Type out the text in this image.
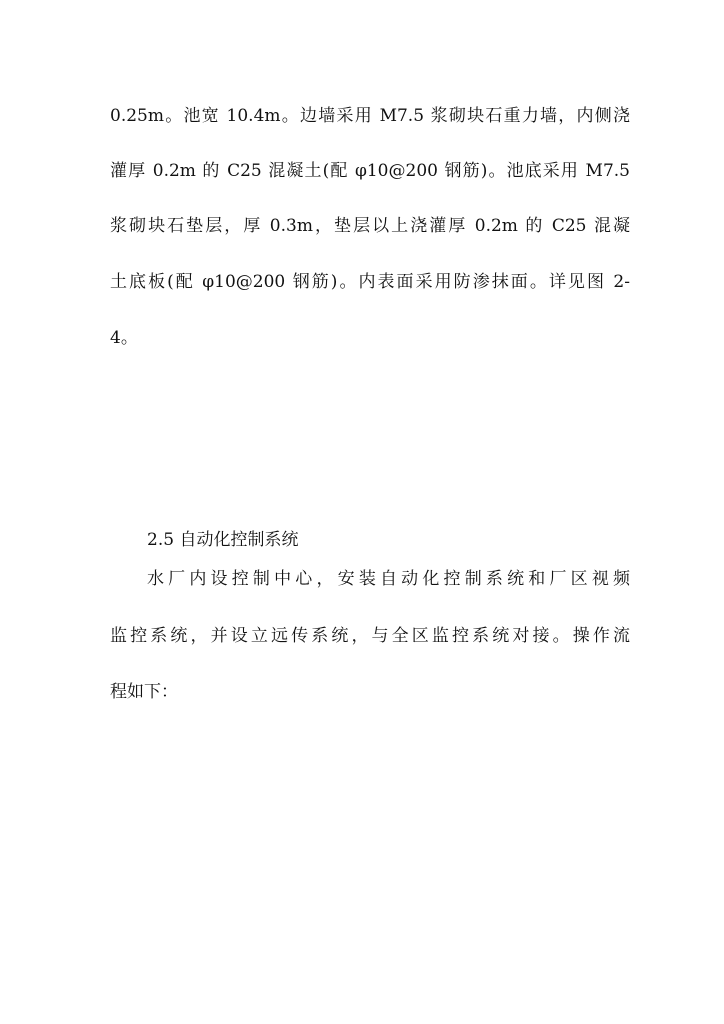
0.25m。池宽 10.4m。边墙采用 M7.5 浆砌块石重力墙，内侧浇
灌厚 0.2m 的 C25 混凝土(配 φ10@200 钢筋)。池底采用 M7.5
浆砌块石垫层，厚 0.3m，垫层以上浇灌厚 0.2m 的 C25 混凝
土底板(配 φ10@200 钢筋)。内表面采用防渗抹面。详见图 2-
4。
2.5 自动化控制系统
水厂内设控制中心，安装自动化控制系统和厂区视频
监控系统，并设立远传系统，与全区监控系统对接。操作流
程如下：
